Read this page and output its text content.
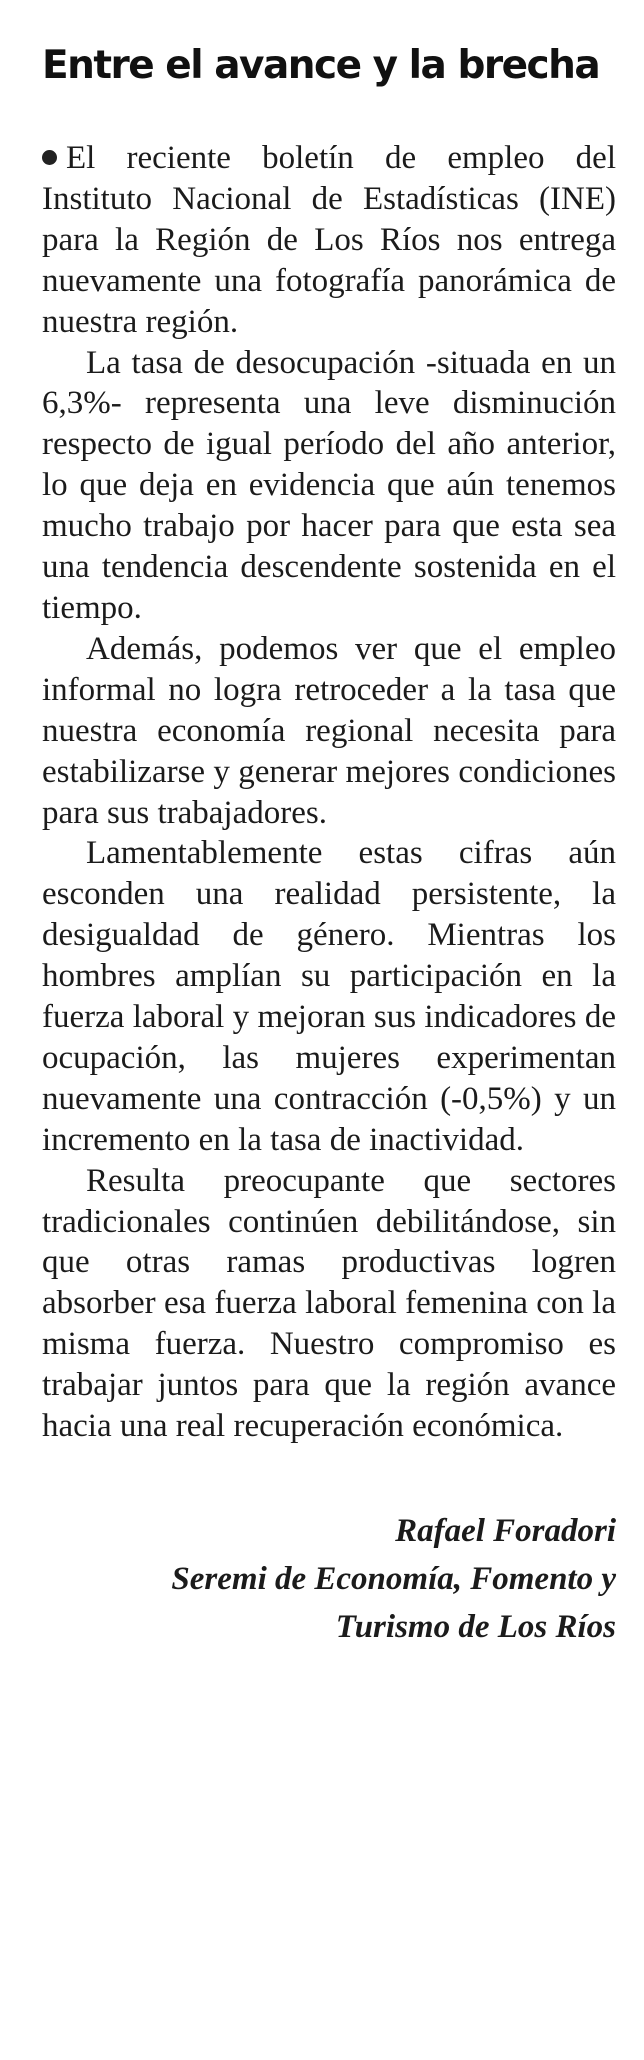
Entre el avance y la brecha

El reciente boletín de empleo del Instituto Nacional de Estadísticas (INE) para la Región de Los Ríos nos entrega nuevamente una fotografía panorámica de nuestra región.

La tasa de desocupación -situada en un 6,3%- representa una leve disminución respecto de igual período del año anterior, lo que deja en evidencia que aún tenemos mucho trabajo por hacer para que esta sea una tendencia descendente sostenida en el tiempo.

Además, podemos ver que el empleo informal no logra retroceder a la tasa que nuestra economía regional necesita para estabilizarse y generar mejores condiciones para sus trabajadores.

Lamentablemente estas cifras aún esconden una realidad persistente, la desigualdad de género. Mientras los hombres amplían su participación en la fuerza laboral y mejoran sus indicadores de ocupación, las mujeres experimentan nuevamente una contracción (-0,5%) y un incremento en la tasa de inactividad.

Resulta preocupante que sectores tradicionales continúen debilitándose, sin que otras ramas productivas logren absorber esa fuerza laboral femenina con la misma fuerza. Nuestro compromiso es trabajar juntos para que la región avance hacia una real recuperación económica.

Rafael Foradori
Seremi de Economía, Fomento y
Turismo de Los Ríos
